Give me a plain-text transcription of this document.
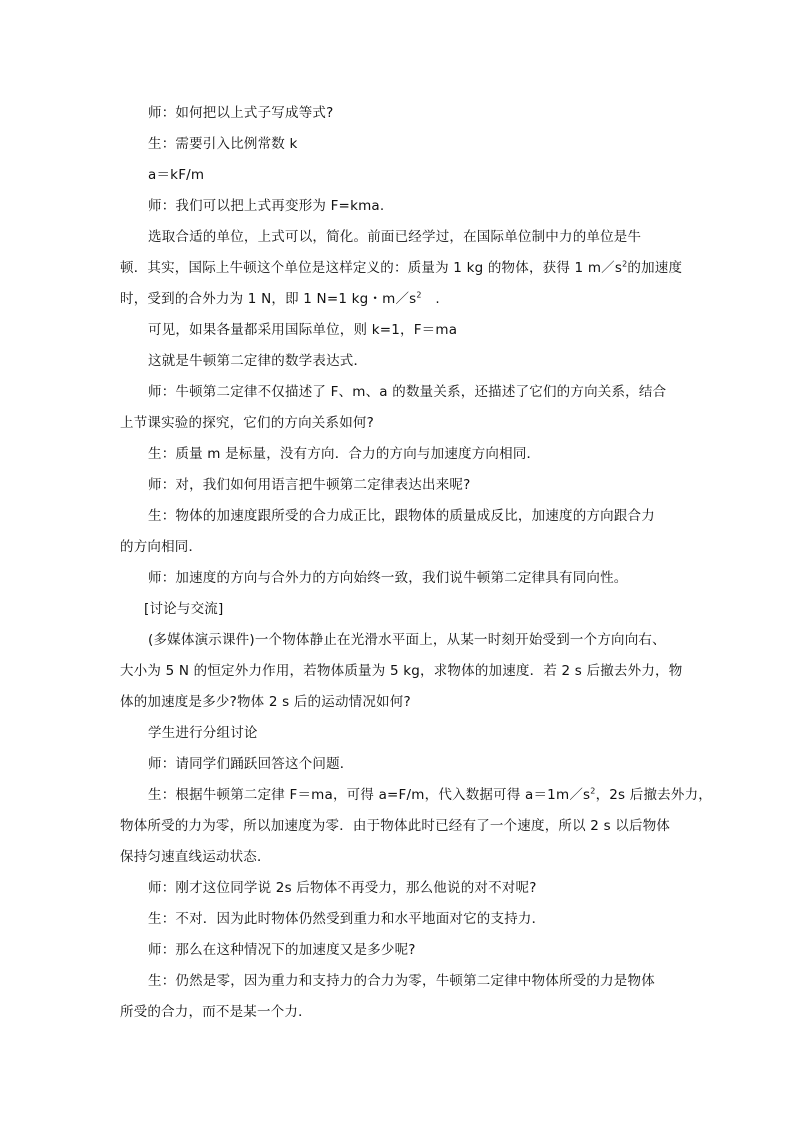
师：如何把以上式子写成等式?
生：需要引入比例常数 k
a＝kF/m
师：我们可以把上式再变形为 F=kma.
选取合适的单位，上式可以，简化。前面已经学过，在国际单位制中力的单位是牛
顿．其实，国际上牛顿这个单位是这样定义的：质量为 1 kg 的物体，获得 1 $m/s^2$的加速度
时，受到的合外力为 1 N，即 1 N=1 kg・$m/s^2$　.
可见，如果各量都采用国际单位，则 k=1，F＝ma
这就是牛顿第二定律的数学表达式．
师：牛顿第二定律不仅描述了 F、m、a 的数量关系，还描述了它们的方向关系，结合
上节课实验的探究，它们的方向关系如何?
生：质量 m 是标量，没有方向．合力的方向与加速度方向相同．
师：对，我们如何用语言把牛顿第二定律表达出来呢?
生：物体的加速度跟所受的合力成正比，跟物体的质量成反比，加速度的方向跟合力
的方向相同．
师：加速度的方向与合外力的方向始终一致，我们说牛顿第二定律具有同向性。
[讨论与交流]
(多媒体演示课件)一个物体静止在光滑水平面上，从某一时刻开始受到一个方向向右、
大小为 5 N 的恒定外力作用，若物体质量为 5 kg，求物体的加速度．若 2 s 后撤去外力，物
体的加速度是多少?物体 2 s 后的运动情况如何?
学生进行分组讨论
师：请同学们踊跃回答这个问题．
生：根据牛顿第二定律 F＝ma，可得 a=F/m，代入数据可得 $a=1m/s^2$，2s 后撤去外力，
物体所受的力为零，所以加速度为零．由于物体此时已经有了一个速度，所以 2 s 以后物体
保持匀速直线运动状态．
师：刚才这位同学说 2s 后物体不再受力，那么他说的对不对呢?
生：不对．因为此时物体仍然受到重力和水平地面对它的支持力．
师：那么在这种情况下的加速度又是多少呢?
生：仍然是零，因为重力和支持力的合力为零，牛顿第二定律中物体所受的力是物体
所受的合力，而不是某一个力．
